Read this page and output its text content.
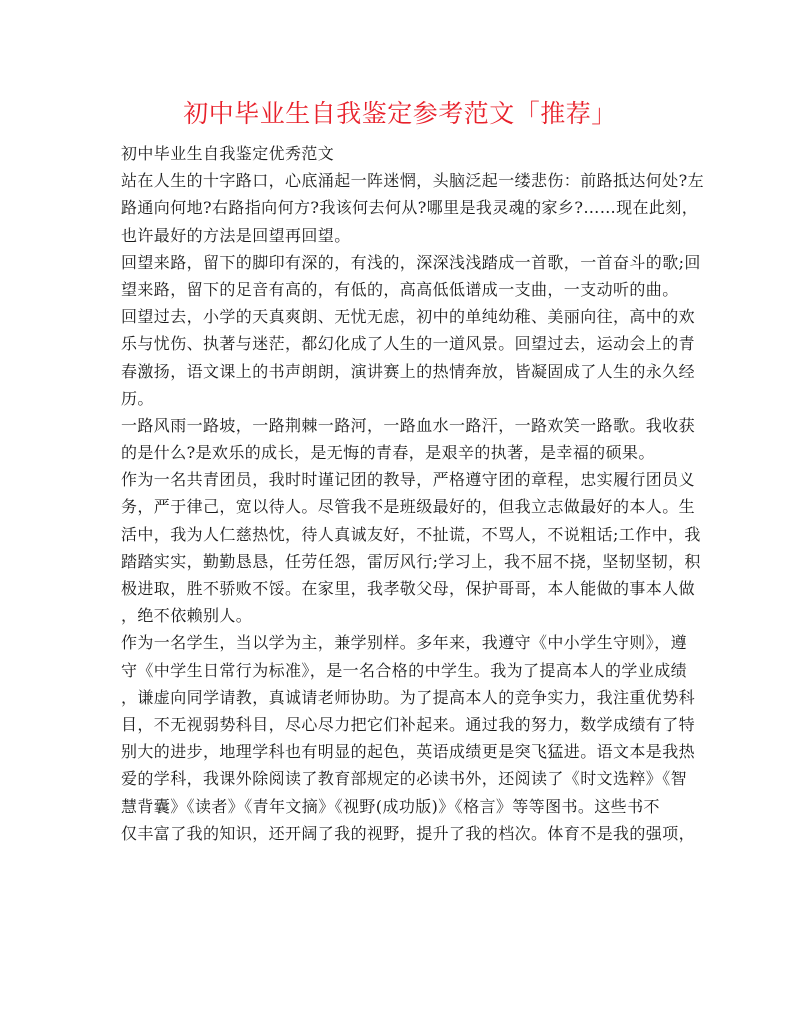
初中毕业生自我鉴定参考范文「推荐」
初中毕业生自我鉴定优秀范文
站在人生的十字路口，心底涌起一阵迷惘，头脑泛起一缕悲伤：前路抵达何处?左
路通向何地?右路指向何方?我该何去何从?哪里是我灵魂的家乡?……现在此刻，
也许最好的方法是回望再回望。
回望来路，留下的脚印有深的，有浅的，深深浅浅踏成一首歌，一首奋斗的歌;回
望来路，留下的足音有高的，有低的，高高低低谱成一支曲，一支动听的曲。
回望过去，小学的天真爽朗、无忧无虑，初中的单纯幼稚、美丽向往，高中的欢
乐与忧伤、执著与迷茫，都幻化成了人生的一道风景。回望过去，运动会上的青
春激扬，语文课上的书声朗朗，演讲赛上的热情奔放，皆凝固成了人生的永久经
历。
一路风雨一路坡，一路荆棘一路河，一路血水一路汗，一路欢笑一路歌。我收获
的是什么?是欢乐的成长，是无悔的青春，是艰辛的执著，是幸福的硕果。
作为一名共青团员，我时时谨记团的教导，严格遵守团的章程，忠实履行团员义
务，严于律己，宽以待人。尽管我不是班级最好的，但我立志做最好的本人。生
活中，我为人仁慈热忱，待人真诚友好，不扯谎，不骂人，不说粗话;工作中，我
踏踏实实，勤勤恳恳，任劳任怨，雷厉风行;学习上，我不屈不挠，坚韧坚韧，积
极进取，胜不骄败不馁。在家里，我孝敬父母，保护哥哥，本人能做的事本人做
，绝不依赖别人。
作为一名学生，当以学为主，兼学别样。多年来，我遵守《中小学生守则》，遵
守《中学生日常行为标准》，是一名合格的中学生。我为了提高本人的学业成绩
，谦虚向同学请教，真诚请老师协助。为了提高本人的竞争实力，我注重优势科
目，不无视弱势科目，尽心尽力把它们补起来。通过我的努力，数学成绩有了特
别大的进步，地理学科也有明显的起色，英语成绩更是突飞猛进。语文本是我热
爱的学科，我课外除阅读了教育部规定的必读书外，还阅读了《时文选粹》《智
慧背囊》《读者》《青年文摘》《视野(成功版)》《格言》等等图书。这些书不
仅丰富了我的知识，还开阔了我的视野，提升了我的档次。体育不是我的强项，
